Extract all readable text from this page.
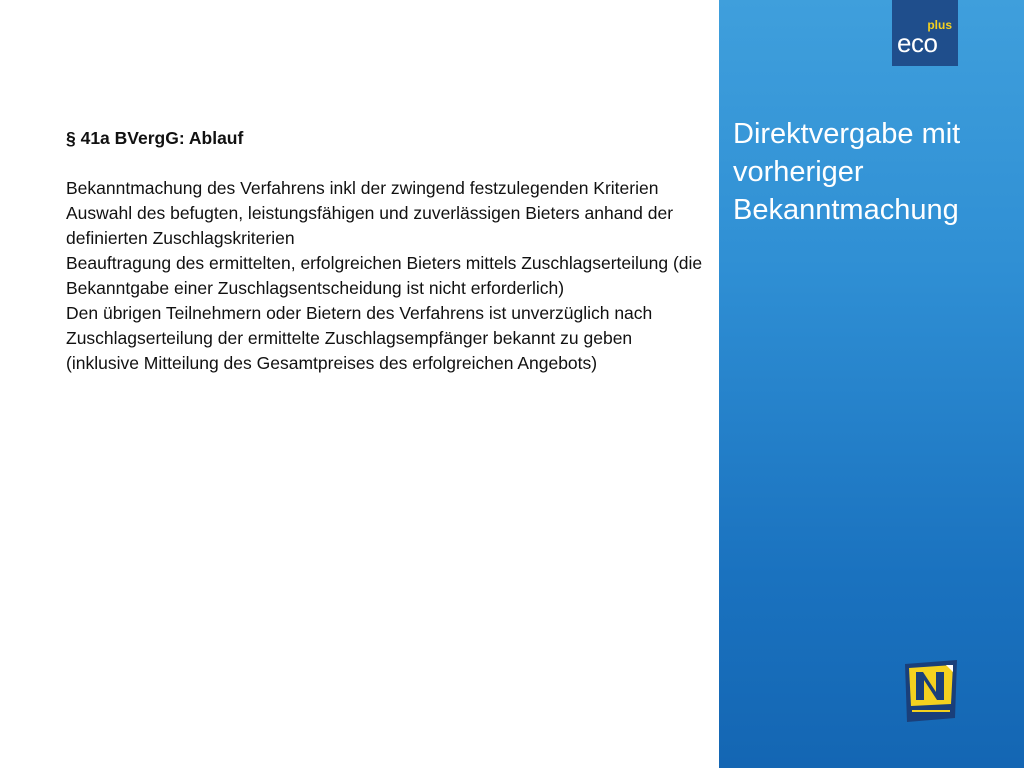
§ 41a BVergG: Ablauf

Bekanntmachung des Verfahrens inkl der zwingend festzulegenden Kriterien

Auswahl des befugten, leistungsfähigen und zuverlässigen Bieters anhand der definierten Zuschlagskriterien

Beauftragung des ermittelten, erfolgreichen Bieters mittels Zuschlagserteilung (die Bekanntgabe einer Zuschlagsentscheidung ist nicht erforderlich)

Den übrigen Teilnehmern oder Bietern des Verfahrens ist unverzüglich nach Zuschlagserteilung der ermittelte Zuschlagsempfänger bekannt zu geben (inklusive Mitteilung des Gesamtpreises des erfolgreichen Angebots)

plus
eco
Direktvergabe mit vorheriger Bekanntmachung
